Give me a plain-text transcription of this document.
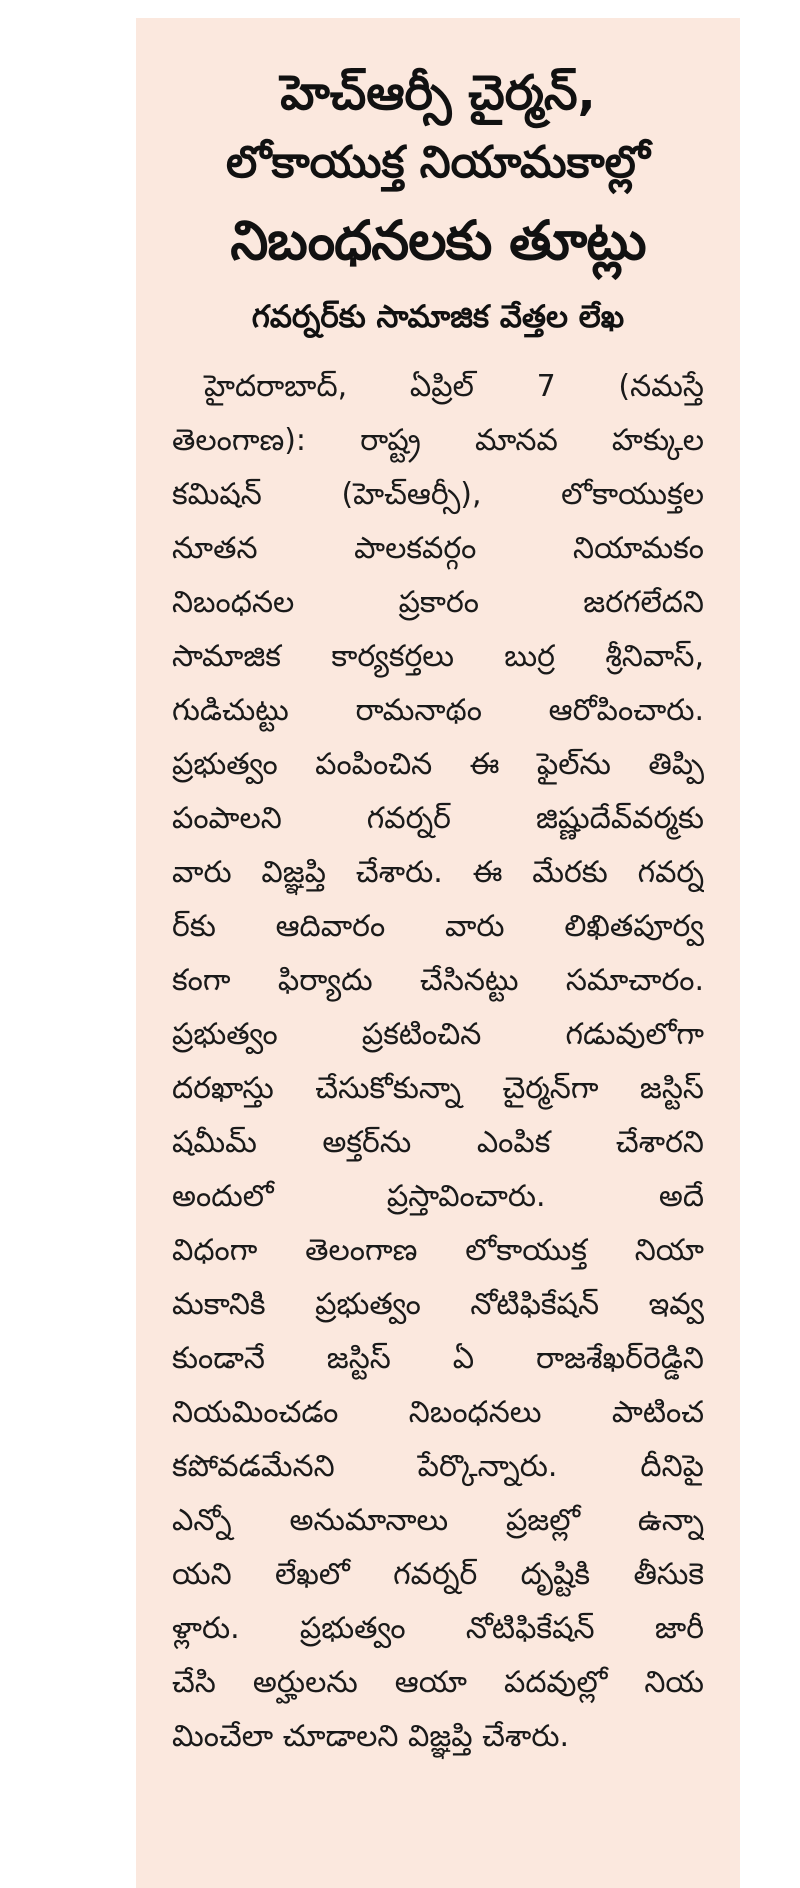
హెచ్ఆర్సీ చైర్మన్,
లోకాయుక్త నియామకాల్లో
నిబంధనలకు తూట్లు
గవర్నర్‌కు సామాజిక వేత్తల లేఖ
హైదరాబాద్, ఏప్రిల్ 7 (నమస్తే
తెలంగాణ): రాష్ట్ర మానవ హక్కుల
కమిషన్ (హెచ్ఆర్సీ), లోకాయుక్తల
నూతన పాలకవర్గం నియామకం
నిబంధనల ప్రకారం జరగలేదని
సామాజిక కార్యకర్తలు బుర్ర శ్రీనివాస్,
గుడిచుట్టు రామనాథం ఆరోపించారు.
ప్రభుత్వం పంపించిన ఈ ఫైల్‌ను తిప్పి
పంపాలని గవర్నర్ జిష్ణుదేవ్‌వర్మకు
వారు విజ్ఞప్తి చేశారు. ఈ మేరకు గవర్న
ర్‌కు ఆదివారం వారు లిఖితపూర్వ
కంగా ఫిర్యాదు చేసినట్టు సమాచారం.
ప్రభుత్వం ప్రకటించిన గడువులోగా
దరఖాస్తు చేసుకోకున్నా చైర్మన్‌గా జస్టిస్
షమీమ్ అక్తర్‌ను ఎంపిక చేశారని
అందులో ప్రస్తావించారు. అదే
విధంగా తెలంగాణ లోకాయుక్త నియా
మకానికి ప్రభుత్వం నోటిఫికేషన్ ఇవ్వ
కుండానే జస్టిస్ ఏ రాజశేఖర్‌రెడ్డిని
నియమించడం నిబంధనలు పాటించ
కపోవడమేనని పేర్కొన్నారు. దీనిపై
ఎన్నో అనుమానాలు ప్రజల్లో ఉన్నా
యని లేఖలో గవర్నర్ దృష్టికి తీసుకె
ళ్లారు. ప్రభుత్వం నోటిఫికేషన్ జారీ
చేసి అర్హులను ఆయా పదవుల్లో నియ
మించేలా చూడాలని విజ్ఞప్తి చేశారు.
